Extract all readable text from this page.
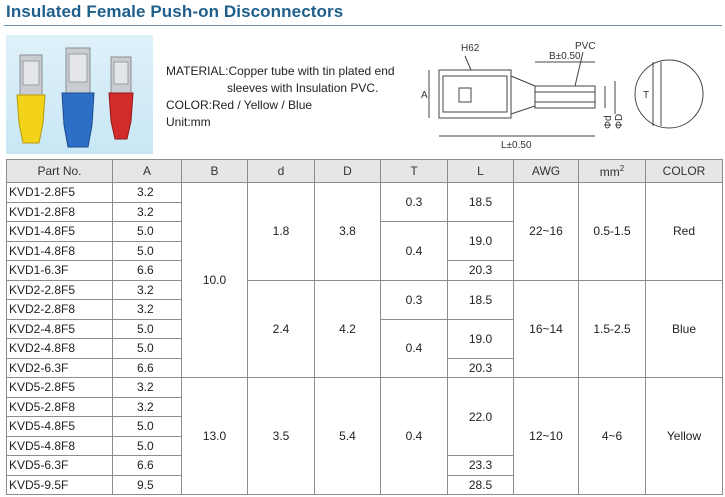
Insulated Female Push-on Disconnectors
MATERIAL:Copper tube with tin plated end
sleeves with Insulation PVC.
COLOR:Red / Yellow / Blue
Unit:mm
H62	PVC
B±0.50
L±0.50
A
Φd ΦD
T
Part No.	A	B	d	D	T	L	AWG	$mm^2$	COLOR
KVD1-2.8F5	3.2	10.0	1.8	3.8	0.3	18.5	22~16	0.5-1.5	Red
KVD1-2.8F8	3.2								
KVD1-4.8F5	5.0				0.4	19.0			
KVD1-4.8F8	5.0								
KVD1-6.3F	6.6					20.3			
KVD2-2.8F5	3.2		2.4	4.2	0.3	18.5	16~14	1.5-2.5	Blue
KVD2-2.8F8	3.2								
KVD2-4.8F5	5.0				0.4	19.0			
KVD2-4.8F8	5.0								
KVD2-6.3F	6.6					20.3			
KVD5-2.8F5	3.2	13.0	3.5	5.4	0.4	22.0	12~10	4~6	Yellow
KVD5-2.8F8	3.2								
KVD5-4.8F5	5.0								
KVD5-4.8F8	5.0								
KVD5-6.3F	6.6					23.3			
KVD5-9.5F	9.5					28.5			
